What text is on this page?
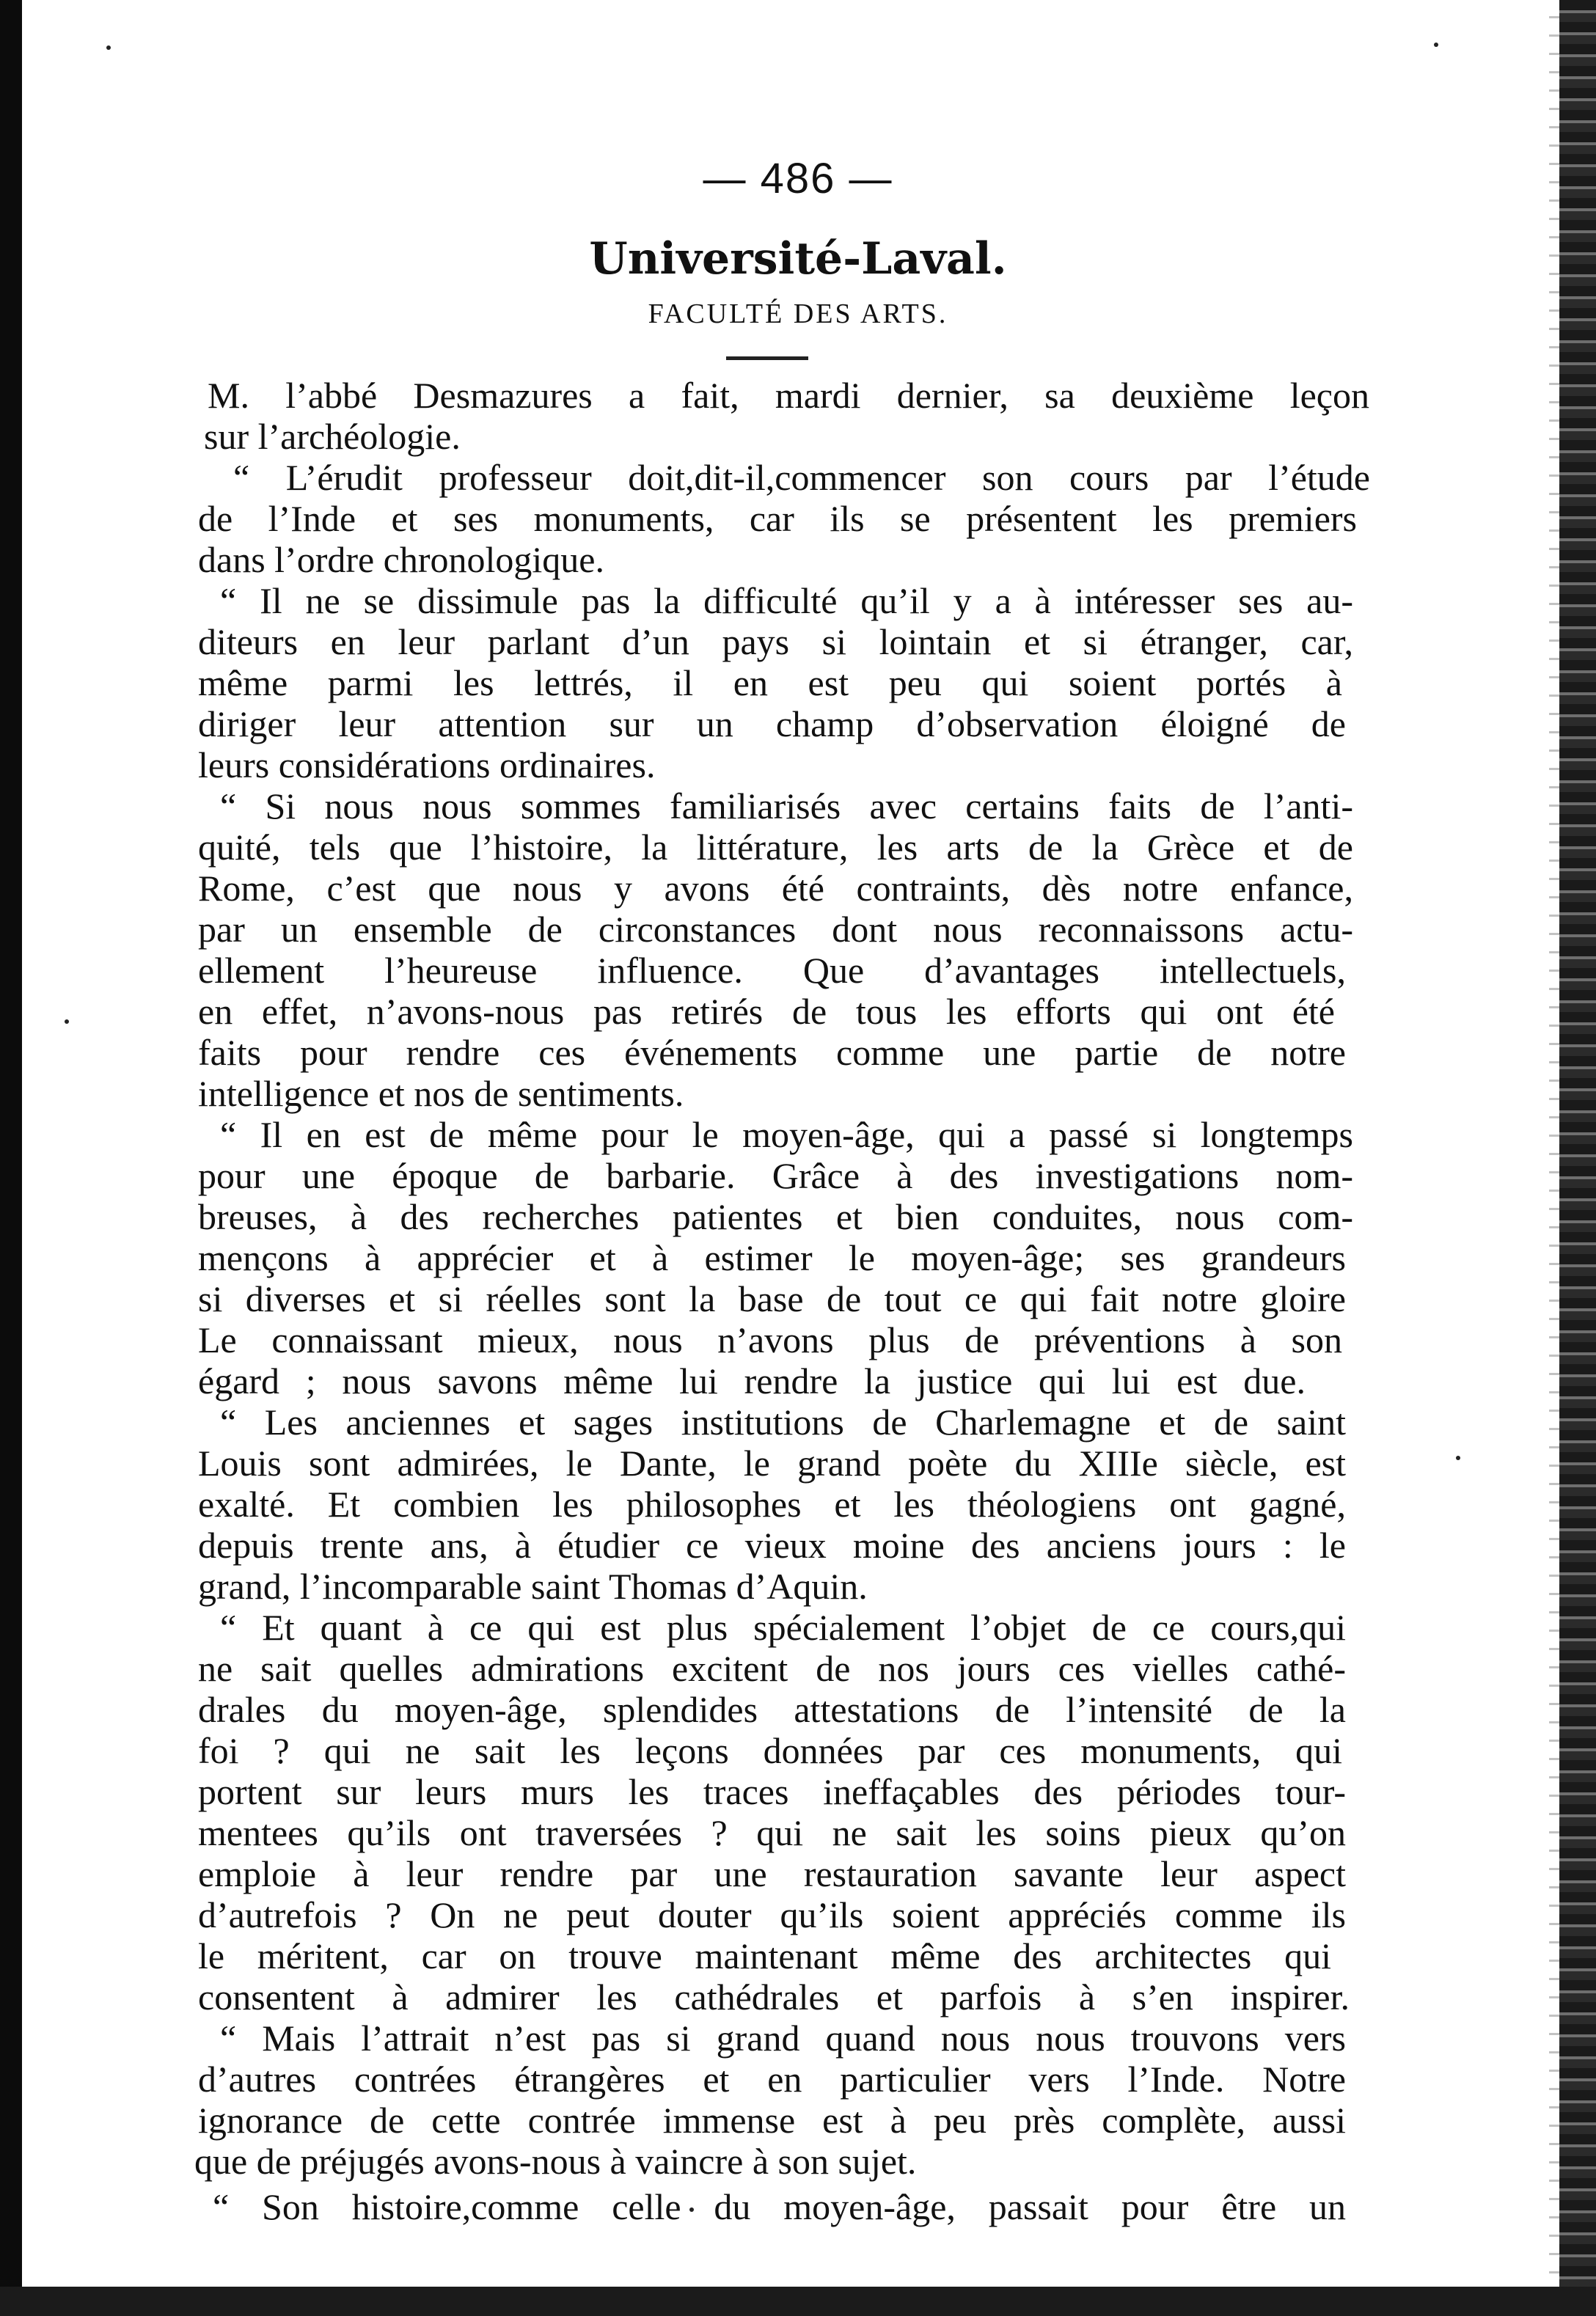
— 486 —
Université-Laval.
FACULTÉ DES ARTS.
M. l’abbé Desmazures a fait, mardi dernier, sa deuxième leçon
sur l’archéologie.
“ L’érudit professeur doit,dit-il,commencer son cours par l’étude
de l’Inde et ses monuments, car ils se présentent les premiers
dans l’ordre chronologique.
“ Il ne se dissimule pas la difficulté qu’il y a à intéresser ses au-
diteurs en leur parlant d’un pays si lointain et si étranger, car,
même parmi les lettrés, il en est peu qui soient portés à
diriger leur attention sur un champ d’observation éloigné de
leurs considérations ordinaires.
“ Si nous nous sommes familiarisés avec certains faits de l’anti-
quité, tels que l’histoire, la littérature, les arts de la Grèce et de
Rome, c’est que nous y avons été contraints, dès notre enfance,
par un ensemble de circonstances dont nous reconnaissons actu-
ellement l’heureuse influence. Que d’avantages intellectuels,
en effet, n’avons-nous pas retirés de tous les efforts qui ont été
faits pour rendre ces événements comme une partie de notre
intelligence et nos de sentiments.
“ Il en est de même pour le moyen-âge, qui a passé si longtemps
pour une époque de barbarie. Grâce à des investigations nom-
breuses, à des recherches patientes et bien conduites, nous com-
mençons à apprécier et à estimer le moyen-âge; ses grandeurs
si diverses et si réelles sont la base de tout ce qui fait notre gloire
Le connaissant mieux, nous n’avons plus de préventions à son
égard ; nous savons même lui rendre la justice qui lui est due.
“ Les anciennes et sages institutions de Charlemagne et de saint
Louis sont admirées, le Dante, le grand poète du XIIIe siècle, est
exalté. Et combien les philosophes et les théologiens ont gagné,
depuis trente ans, à étudier ce vieux moine des anciens jours : le
grand, l’incomparable saint Thomas d’Aquin.
“ Et quant à ce qui est plus spécialement l’objet de ce cours,qui
ne sait quelles admirations excitent de nos jours ces vielles cathé-
drales du moyen-âge, splendides attestations de l’intensité de la
foi ? qui ne sait les leçons données par ces monuments, qui
portent sur leurs murs les traces ineffaçables des périodes tour-
mentees qu’ils ont traversées ? qui ne sait les soins pieux qu’on
emploie à leur rendre par une restauration savante leur aspect
d’autrefois ? On ne peut douter qu’ils soient appréciés comme ils
le méritent, car on trouve maintenant même des architectes qui
consentent à admirer les cathédrales et parfois à s’en inspirer.
“ Mais l’attrait n’est pas si grand quand nous nous trouvons vers
d’autres contrées étrangères et en particulier vers l’Inde. Notre
ignorance de cette contrée immense est à peu près complète, aussi
que de préjugés avons-nous à vaincre à son sujet.
“ Son histoire,comme celle du moyen-âge, passait pour être un
